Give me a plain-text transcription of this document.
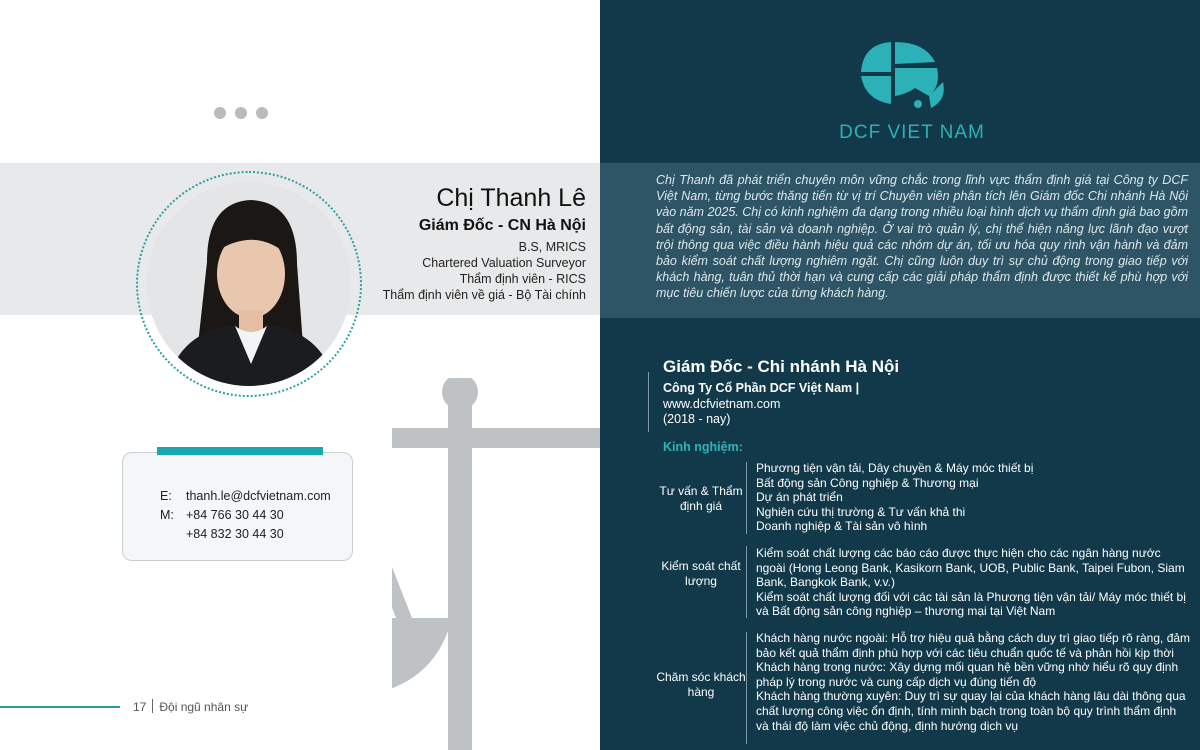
Chị Thanh Lê
Giám Đốc - CN Hà Nội
B.S, MRICS
Chartered Valuation Surveyor
Thẩm định viên - RICS
Thẩm định viên về giá - Bộ Tài chính
E: thanh.le@dcfvietnam.com
M: +84 766 30 44 30
+84 832 30 44 30
17 Đội ngũ nhân sự
DCF VIET NAM
Chị Thanh đã phát triển chuyên môn vững chắc trong lĩnh vực thẩm định giá tại Công ty DCF Việt Nam, từng bước thăng tiến từ vị trí Chuyên viên phân tích lên Giám đốc Chi nhánh Hà Nội vào năm 2025. Chị có kinh nghiệm đa dạng trong nhiều loại hình dịch vụ thẩm định giá bao gồm bất động sản, tài sản và doanh nghiệp. Ở vai trò quản lý, chị thể hiện năng lực lãnh đạo vượt trội thông qua việc điều hành hiệu quả các nhóm dự án, tối ưu hóa quy rình vận hành và đảm bảo kiểm soát chất lượng nghiêm ngặt. Chị cũng luôn duy trì sự chủ động trong giao tiếp với khách hàng, tuân thủ thời hạn và cung cấp các giải pháp thẩm định được thiết kế phù hợp với mục tiêu chiến lược của từng khách hàng.
Giám Đốc - Chi nhánh Hà Nội
Công Ty Cổ Phần DCF Việt Nam |
www.dcfvietnam.com
(2018 - nay)
Kinh nghiệm:
Tư vấn & Thẩm định giá
Phương tiện vận tải, Dây chuyền & Máy móc thiết bị
Bất động sản Công nghiệp & Thương mại
Dự án phát triển
Nghiên cứu thị trường & Tư vấn khả thi
Doanh nghiệp & Tài sản vô hình
Kiểm soát chất lượng
Kiểm soát chất lượng các báo cáo được thực hiện cho các ngân hàng nước ngoài (Hong Leong Bank, Kasikorn Bank, UOB, Public Bank, Taipei Fubon, Siam Bank, Bangkok Bank, v.v.)
Kiểm soát chất lượng đối với các tài sản là Phương tiện vận tải/ Máy móc thiết bị và Bất động sản công nghiệp – thương mại tại Việt Nam
Chăm sóc khách hàng
Khách hàng nước ngoài: Hỗ trợ hiệu quả bằng cách duy trì giao tiếp rõ ràng, đảm bảo kết quả thẩm định phù hợp với các tiêu chuẩn quốc tế và phản hồi kịp thời
Khách hàng trong nước: Xây dựng mối quan hệ bền vững nhờ hiểu rõ quy định pháp lý trong nước và cung cấp dịch vụ đúng tiến độ
Khách hàng thường xuyên: Duy trì sự quay lại của khách hàng lâu dài thông qua chất lượng công việc ổn định, tính minh bạch trong toàn bộ quy trình thẩm định và thái độ làm việc chủ động, định hướng dịch vụ
